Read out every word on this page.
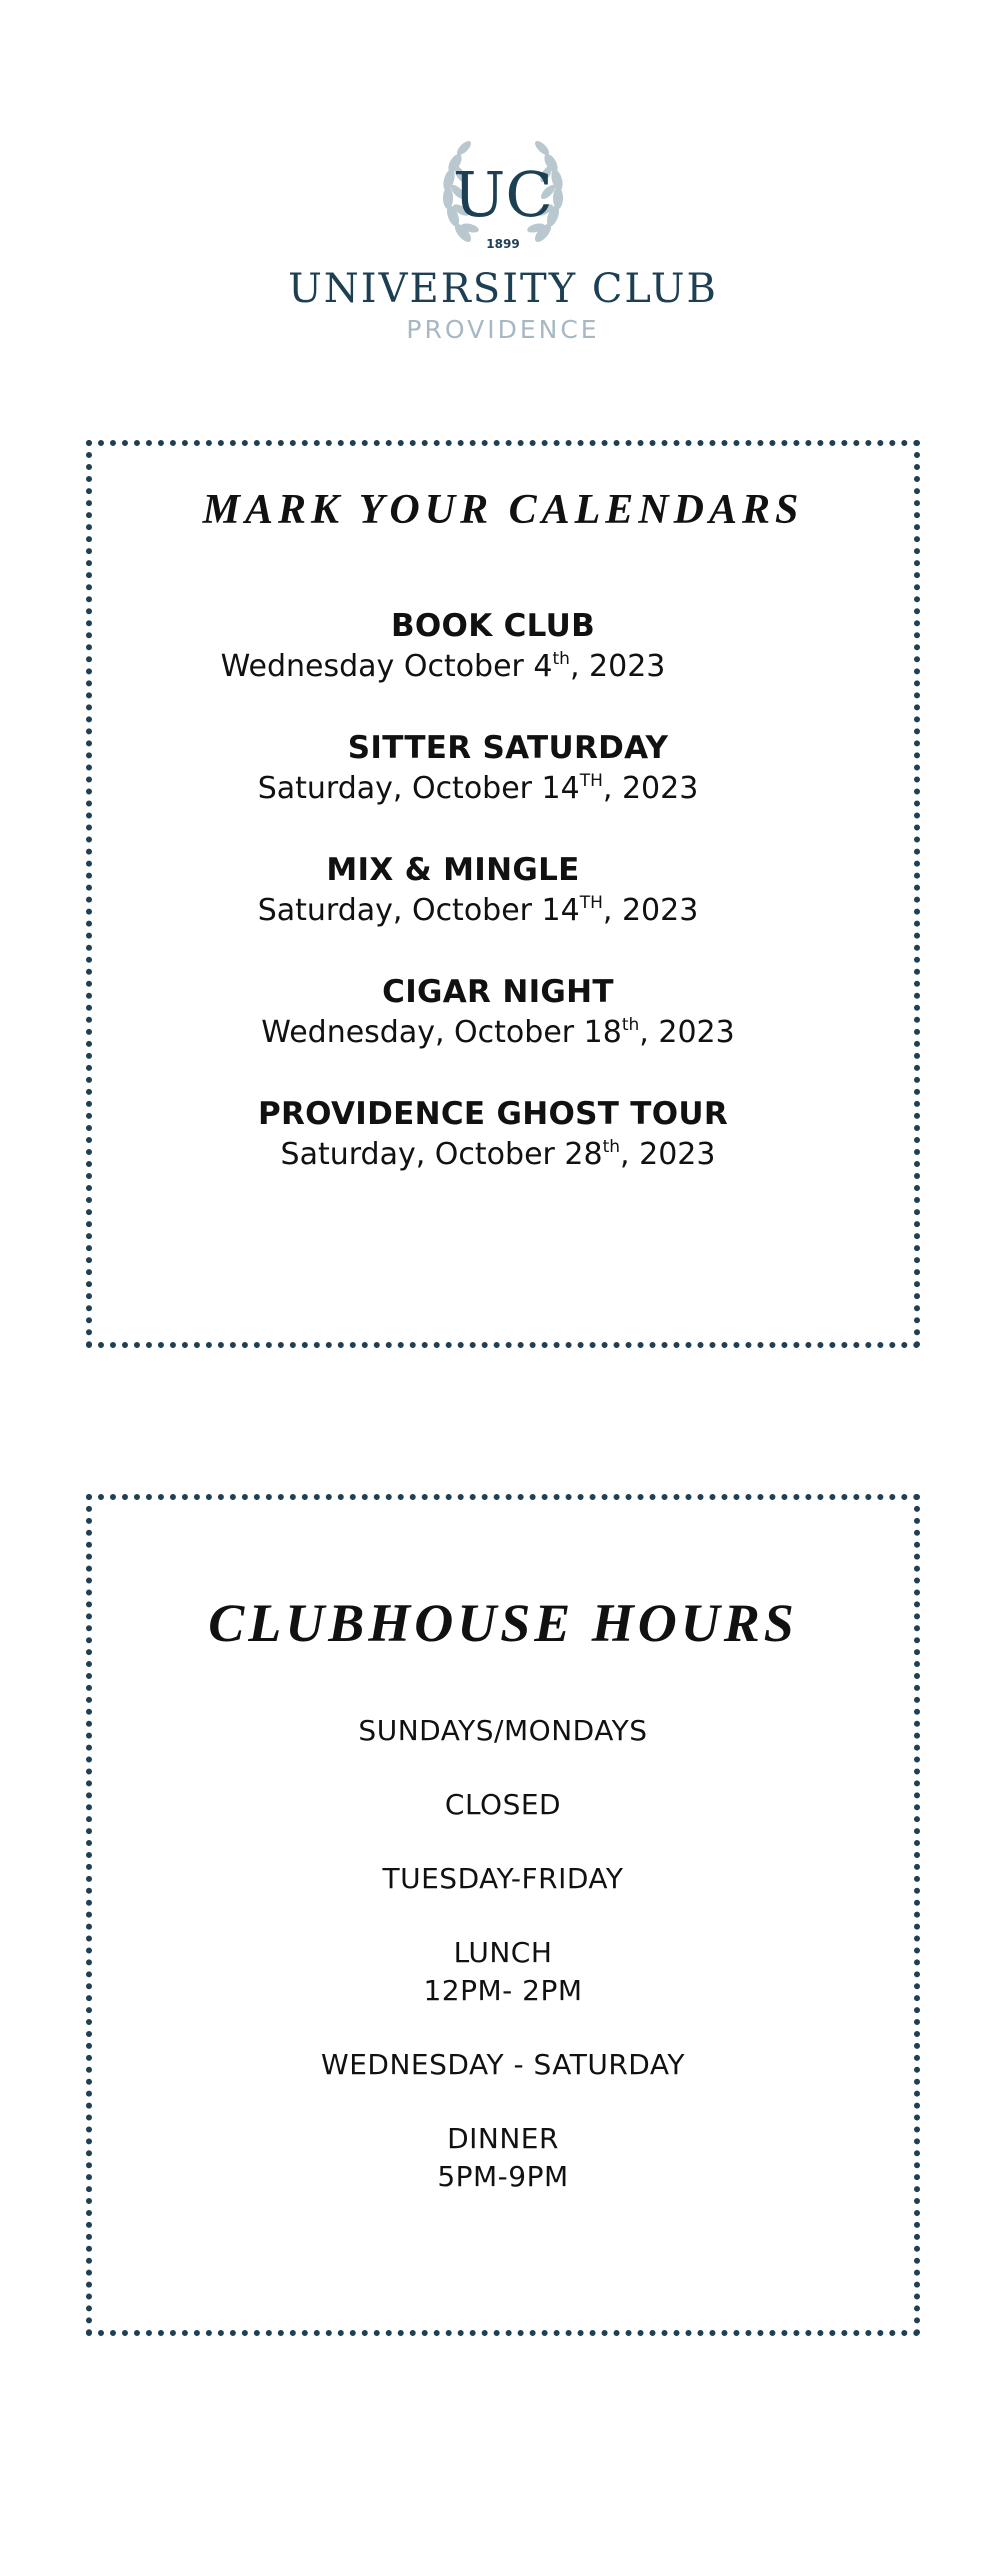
UC
1899
UNIVERSITY CLUB
PROVIDENCE
MARK YOUR CALENDARS
BOOK CLUB
Wednesday October 4th, 2023
SITTER SATURDAY
Saturday, October 14TH, 2023
MIX & MINGLE
Saturday, October 14TH, 2023
CIGAR NIGHT
Wednesday, October 18th, 2023
PROVIDENCE GHOST TOUR
Saturday, October 28th, 2023
CLUBHOUSE HOURS

SUNDAYS/MONDAYS

CLOSED

TUESDAY-FRIDAY

LUNCH

12PM- 2PM

WEDNESDAY - SATURDAY

DINNER

5PM-9PM
